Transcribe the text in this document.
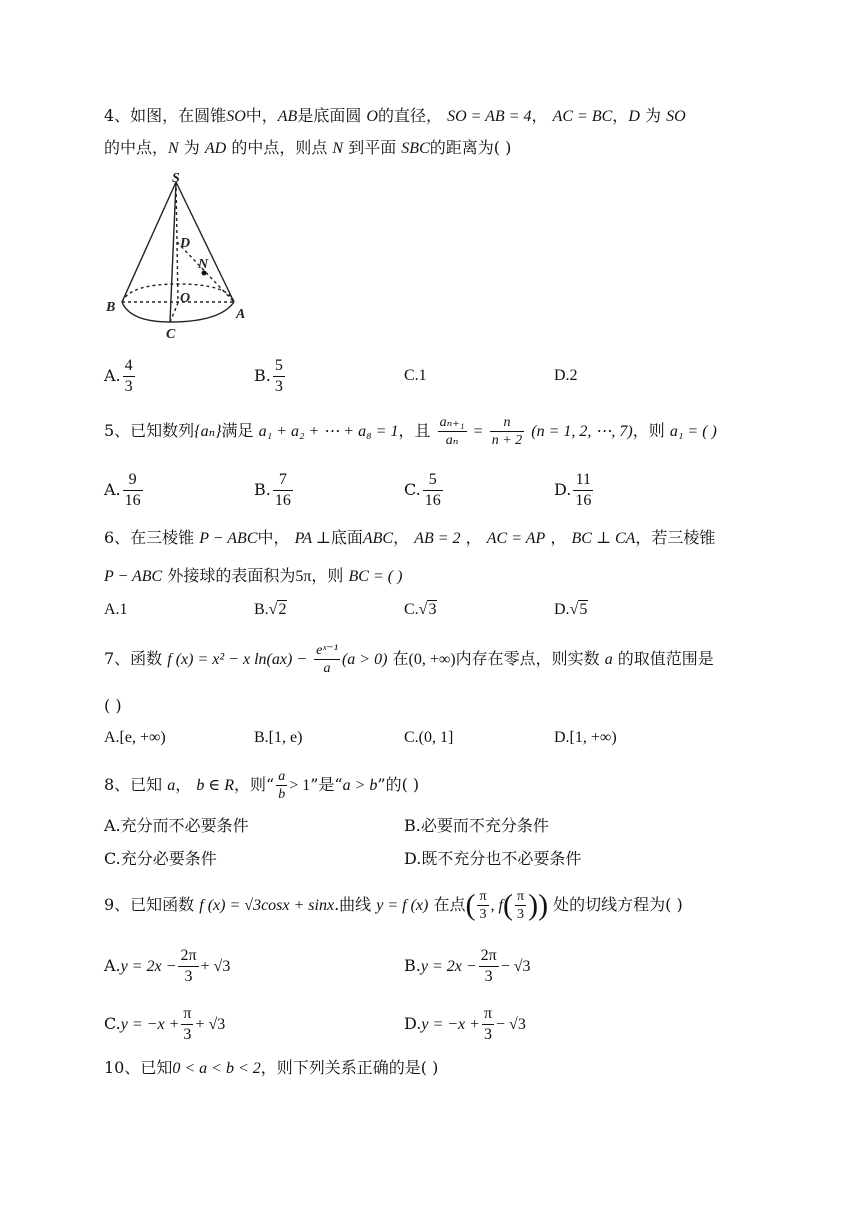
4、如图，在圆锥SO中，AB是底面圆 O的直径， SO = AB = 4， AC = BC，D 为 SO
的中点，N 为 AD 的中点，则点 N 到平面 SBC的距离为( )
S
D
N
O
B
C
A
A. $\frac{4}{3}$	B. $\frac{5}{3}$	C.1	D.2
5、已知数列{aₙ}满足 a₁ + a₂ + ⋯ + a₈ = 1，且 $\frac{\text{aₙ₊₁}}{\text{aₙ}} = \frac{n}{n + 2} (n = 1$, 2, ⋯, 7)，则 a₁ = ( )
A. $\frac{9}{16}$	B. $\frac{7}{16}$	C. $\frac{5}{16}$	D. $\frac{11}{16}$
6、在三棱锥 P − ABC中， PA ⊥底面ABC， AB = 2 ， AC = AP ， BC ⊥ CA，若三棱锥
P − ABC 外接球的表面积为5π，则 BC = ( )
A.1	B.√2	C.√3	D.√5
7、函数 f (x) = x² − x $\ln(ax) - \frac{\text{eˣ⁻¹}}{a} (a > 0)$ 在(0, +∞)内存在零点，则实数 a 的取值范围是
( )
A.[e, +∞)	B.[1, e)	C.(0, 1]	D.[1, +∞)
8、已知 a， b ∈ R，则“ $\frac{a}{b} > 1$”是“a > b”的( )
A.充分而不必要条件	B.必要而不充分条件
C.充分必要条件	D.既不充分也不必要条件
9、已知函数 f (x) = √3cosx + sinx.曲线 y = f (x) 在点( $\frac{\pi}{3}$ , $f( \frac{\pi}{3}$ )) 处的切线方程为( )
$A.y = 2x - \frac{2\pi}{3} + √3$	$B.y = 2x - \frac{2\pi}{3} - √3$
$C.y = -x + \frac{\pi}{3} + √3$	$D.y = -x + \frac{\pi}{3} - √3$
10、已知0 < a < b < 2，则下列关系正确的是( )
